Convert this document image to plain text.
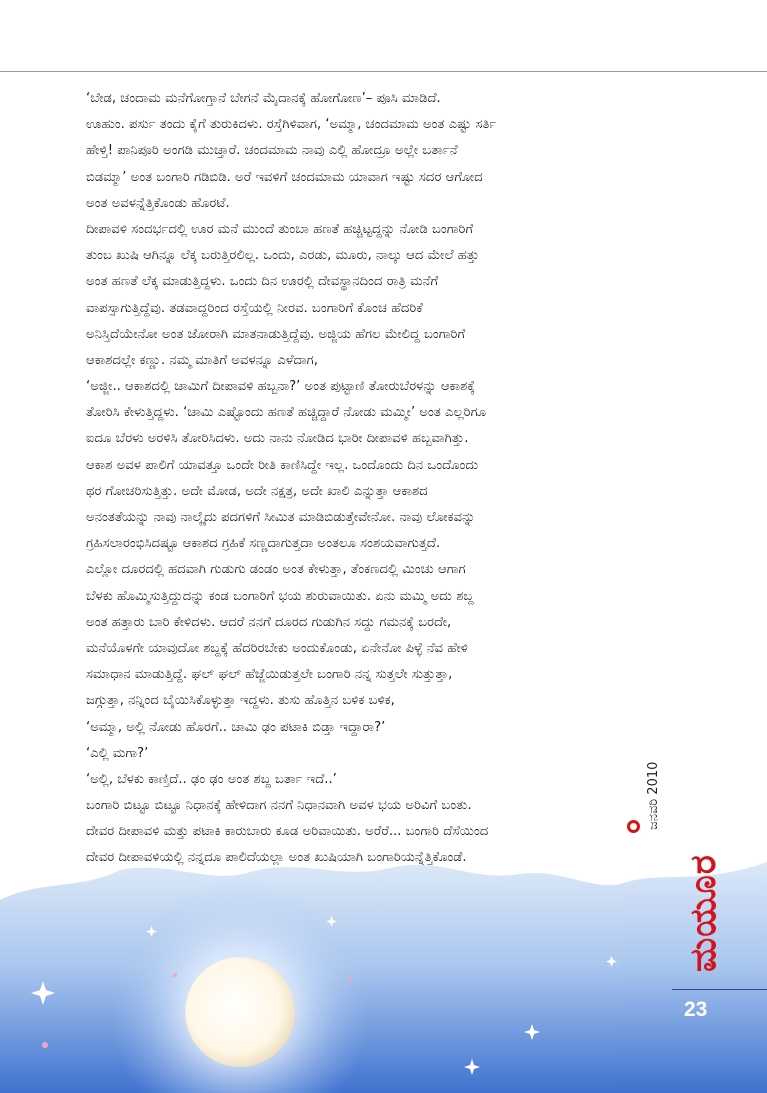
‘ಬೇಡ, ಚಂದಾಮ ಮನೆಗೋಗ್ತಾನೆ ಬೇಗನೆ ಮೈದಾನಕ್ಕೆ ಹೋಗೋಣ’– ಪೂಸಿ ಮಾಡಿದೆ.
ಊಹುಂ. ಪರ್ಸು ತಂದು ಕೈಗೆ ತುರುಕಿದಳು. ರಸ್ತೆಗಿಳಿವಾಗ, ‘ಅಮ್ಮಾ, ಚಂದಮಾಮ ಅಂತ ಎಷ್ಟು ಸರ್ತಿ
ಹೇಳ್ತಿ! ಪಾನಿಪೂರಿ ಅಂಗಡಿ ಮುಚ್ತಾರೆ. ಚಂದಮಾಮ ನಾವು ಎಲ್ಲಿ ಹೋದ್ರೂ ಅಲ್ಲೇ ಬರ್ತಾನೆ
ಬಿಡಮ್ಮಾ’ ಅಂತ ಬಂಗಾರಿ ಗಡಿಬಿಡಿ. ಅರೆ ಇವಳಿಗೆ ಚಂದಮಾಮ ಯಾವಾಗ ಇಷ್ಟು ಸದರ ಆಗೋದ
ಅಂತ ಅವಳನ್ನೆತ್ತಿಕೊಂಡು ಹೊರಟೆ.
ದೀಪಾವಳಿ ಸಂದರ್ಭದಲ್ಲಿ ಊರ ಮನೆ ಮುಂದೆ ತುಂಬಾ ಹಣತೆ ಹಚ್ಚಿಟ್ಟದ್ದನ್ನು ನೋಡಿ ಬಂಗಾರಿಗೆ
ತುಂಬ ಖುಷಿ ಆಗಿನ್ನೂ ಲೆಕ್ಕ ಬರುತ್ತಿರಲಿಲ್ಲ. ಒಂದು, ಎರಡು, ಮೂರು, ನಾಲ್ಕು ಆದ ಮೇಲೆ ಹತ್ತು
ಅಂತ ಹಣತೆ ಲೆಕ್ಕ ಮಾಡುತ್ತಿದ್ದಳು. ಒಂದು ದಿನ ಊರಲ್ಲಿ ದೇವಸ್ಥಾನದಿಂದ ರಾತ್ರಿ ಮನೆಗೆ
ವಾಪಸ್ಸಾಗುತ್ತಿದ್ದೆವು. ತಡವಾದ್ದರಿಂದ ರಸ್ತೆಯಲ್ಲಿ ನೀರವ. ಬಂಗಾರಿಗೆ ಕೊಂಚ ಹೆದರಿಕೆ
ಅನಿಸ್ತಿದೆಯೇನೋ ಅಂತ ಜೋರಾಗಿ ಮಾತನಾಡುತ್ತಿದ್ದೆವು. ಅಜ್ಜಿಯ ಹೆಗಲ ಮೇಲಿದ್ದ ಬಂಗಾರಿಗೆ
ಆಕಾಶದಲ್ಲೇ ಕಣ್ಣು. ನಮ್ಮ ಮಾತಿಗೆ ಅವಳನ್ನೂ ಎಳೆದಾಗ,
‘ಅಜ್ಜೀ.. ಆಕಾಶದಲ್ಲಿ ಚಾಮಿಗೆ ದೀಪಾವಳಿ ಹಬ್ಬನಾ?’ ಅಂತ ಪುಟ್ಟಾಣಿ ತೋರುಬೆರಳನ್ನು ಆಕಾಶಕ್ಕೆ
ತೋರಿಸಿ ಕೇಳುತ್ತಿದ್ದಳು. ‘ಚಾಮಿ ಎಷ್ಟೊಂದು ಹಣತೆ ಹಚ್ಚಿದ್ದಾರೆ ನೋಡು ಮಮ್ಮೀ’ ಅಂತ ಎಲ್ಲರಿಗೂ
ಐದೂ ಬೆರಳು ಅರಳಿಸಿ ತೋರಿಸಿದಳು. ಅದು ನಾನು ನೋಡಿದ ಭಾರೀ ದೀಪಾವಳಿ ಹಬ್ಬವಾಗಿತ್ತು.
ಆಕಾಶ ಅವಳ ಪಾಲಿಗೆ ಯಾವತ್ತೂ ಒಂದೇ ರೀತಿ ಕಾಣಿಸಿದ್ದೇ ಇಲ್ಲ. ಒಂದೊಂದು ದಿನ ಒಂದೊಂದು
ಥರ ಗೋಚರಿಸುತ್ತಿತ್ತು. ಅದೇ ಮೋಡ, ಅದೇ ನಕ್ಷತ್ರ, ಅದೇ ಖಾಲಿ ಎನ್ನುತ್ತಾ ಆಕಾಶದ
ಅನಂತತೆಯನ್ನು ನಾವು ನಾಲ್ಕೈದು ಪದಗಳಿಗೆ ಸೀಮಿತ ಮಾಡಿಬಿಡುತ್ತೇವೇನೋ. ನಾವು ಲೋಕವನ್ನು
ಗ್ರಹಿಸಲಾರಂಭಿಸಿದಷ್ಟೂ ಆಕಾಶದ ಗ್ರಹಿಕೆ ಸಣ್ಣದಾಗುತ್ತದಾ ಅಂತಲೂ ಸಂಶಯವಾಗುತ್ತದೆ.
ಎಲ್ಲೋ ದೂರದಲ್ಲಿ ಹದವಾಗಿ ಗುಡುಗು ಡಂಡಂ ಅಂತ ಕೇಳುತ್ತಾ, ತೆಂಕಣದಲ್ಲಿ ಮಿಂಚು ಆಗಾಗ
ಬೆಳಕು ಹೊಮ್ಮಿಸುತ್ತಿದ್ದುದನ್ನು ಕಂಡ ಬಂಗಾರಿಗೆ ಭಯ ಶುರುವಾಯಿತು. ಏನು ಮಮ್ಮಿ ಅದು ಶಬ್ದ
ಅಂತ ಹತ್ತಾರು ಬಾರಿ ಕೇಳಿದಳು. ಆದರೆ ನನಗೆ ದೂರದ ಗುಡುಗಿನ ಸದ್ದು ಗಮನಕ್ಕೆ ಬರದೇ,
ಮನೆಯೊಳಗೇ ಯಾವುದೋ ಶಬ್ದಕ್ಕೆ ಹೆದರಿರಬೇಕು ಅಂದುಕೊಂಡು, ಏನೇನೋ ಪಿಳ್ಳೆ ನೆವ ಹೇಳಿ
ಸಮಾಧಾನ ಮಾಡುತ್ತಿದ್ದೆ. ಘಲ್ ಘಲ್ ಹೆಜ್ಜೆಯಿಡುತ್ತಲೇ ಬಂಗಾರಿ ನನ್ನ ಸುತ್ತಲೇ ಸುತ್ತುತ್ತಾ,
ಜಗ್ಗುತ್ತಾ, ನನ್ನಿಂದ ಬೈಯಿಸಿಕೊಳ್ಳುತ್ತಾ ಇದ್ದಳು. ತುಸು ಹೊತ್ತಿನ ಬಳಿಕ ಬಳಿಕ,
‘ಅಮ್ಮಾ, ಅಲ್ಲಿ ನೋಡು ಹೊರಗೆ.. ಚಾಮಿ ಢಂ ಪಟಾಕಿ ಬಿಡ್ತಾ ಇದ್ದಾರಾ?’
‘ಎಲ್ಲಿ ಮಗಾ?’
‘ಅಲ್ಲಿ, ಬೆಳಕು ಕಾಣ್ತಿದೆ.. ಢಂ ಢಂ ಅಂತ ಶಬ್ದ ಬರ್ತಾ ಇದೆ..’
ಬಂಗಾರಿ ಬಿಟ್ಟೂ ಬಿಟ್ಟೂ ನಿಧಾನಕ್ಕೆ ಹೇಳಿದಾಗ ನನಗೆ ನಿಧಾನವಾಗಿ ಅವಳ ಭಯ ಅರಿವಿಗೆ ಬಂತು.
ದೇವರ ದೀಪಾವಳಿ ಮತ್ತು ಪಟಾಕಿ ಕಾರುಬಾರು ಕೂಡ ಅರಿವಾಯಿತು. ಅರೆರೆ... ಬಂಗಾರಿ ದೆಸೆಯಿಂದ
ದೇವರ ದೀಪಾವಳಿಯಲ್ಲಿ ನನ್ನದೂ ಪಾಲಿದೆಯಲ್ಲಾ ಅಂತ ಖುಷಿಯಾಗಿ ಬಂಗಾರಿಯನ್ನೆತ್ತಿಕೊಂಡೆ.
ಜನವರಿ 2010
ಮಯೂರ
23
